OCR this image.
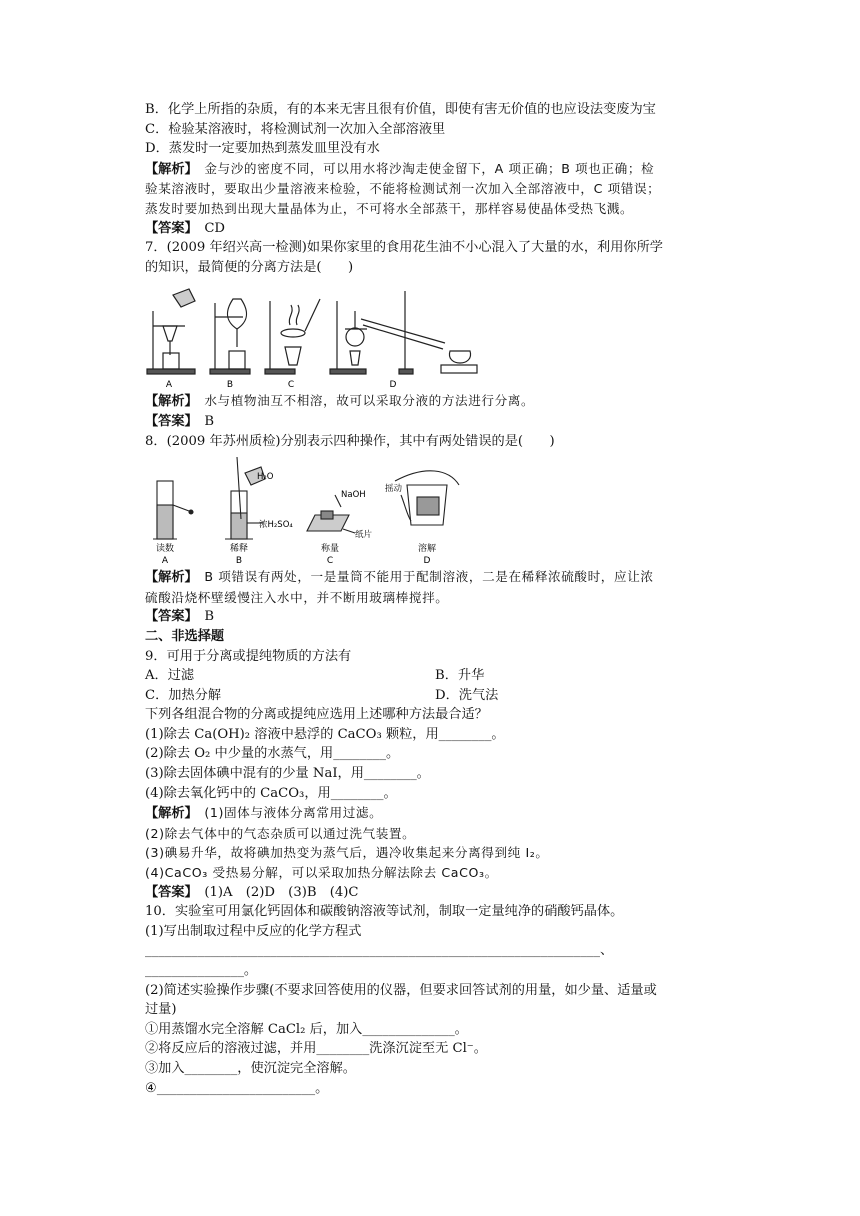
B．化学上所指的杂质，有的本来无害且很有价值，即使有害无价值的也应设法变废为宝
C．检验某溶液时，将检测试剂一次加入全部溶液里
D．蒸发时一定要加热到蒸发皿里没有水
【解析】　金与沙的密度不同，可以用水将沙淘走使金留下，A 项正确；B 项也正确；检
验某溶液时，要取出少量溶液来检验，不能将检测试剂一次加入全部溶液中，C 项错误；
蒸发时要加热到出现大量晶体为止，不可将水全部蒸干，那样容易使晶体受热飞溅。
【答案】　CD
7．(2009 年绍兴高一检测)如果你家里的食用花生油不小心混入了大量的水，利用你所学
的知识，最简便的分离方法是(　　)
A	B	C	D
【解析】　水与植物油互不相溶，故可以采取分液的方法进行分离。
【答案】　B
8．(2009 年苏州质检)分别表示四种操作，其中有两处错误的是(　　)
H₂O
浓H₂SO₄
NaOH
纸片
摇动
读数	稀释	称量	溶解
A	B	C	D
【解析】　B 项错误有两处，一是量筒不能用于配制溶液，二是在稀释浓硫酸时，应让浓
硫酸沿烧杯壁缓慢注入水中，并不断用玻璃棒搅拌。
【答案】　B
二、非选择题
9．可用于分离或提纯物质的方法有
A．过滤	B．升华
C．加热分解	D．洗气法
下列各组混合物的分离或提纯应选用上述哪种方法最合适？
(1)除去 Ca(OH)₂ 溶液中悬浮的 CaCO₃ 颗粒，用________。
(2)除去 O₂ 中少量的水蒸气，用________。
(3)除去固体碘中混有的少量 NaI，用________。
(4)除去氧化钙中的 CaCO₃，用________。
【解析】　(1)固体与液体分离常用过滤。
(2)除去气体中的气态杂质可以通过洗气装置。
(3)碘易升华，故将碘加热变为蒸气后，遇冷收集起来分离得到纯 I₂。
(4)CaCO₃ 受热易分解，可以采取加热分解法除去 CaCO₃。
【答案】　(1)A　(2)D　(3)B　(4)C
10．实验室可用氯化钙固体和碳酸钠溶液等试剂，制取一定量纯净的硝酸钙晶体。
(1)写出制取过程中反应的化学方程式
_____________________________________________________________________、
_______________。
(2)简述实验操作步骤(不要求回答使用的仪器，但要求回答试剂的用量，如少量、适量或
过量)
①用蒸馏水完全溶解 CaCl₂ 后，加入______________。
②将反应后的溶液过滤，并用________洗涤沉淀至无 Cl⁻。
③加入________，使沉淀完全溶解。
④________________________。
